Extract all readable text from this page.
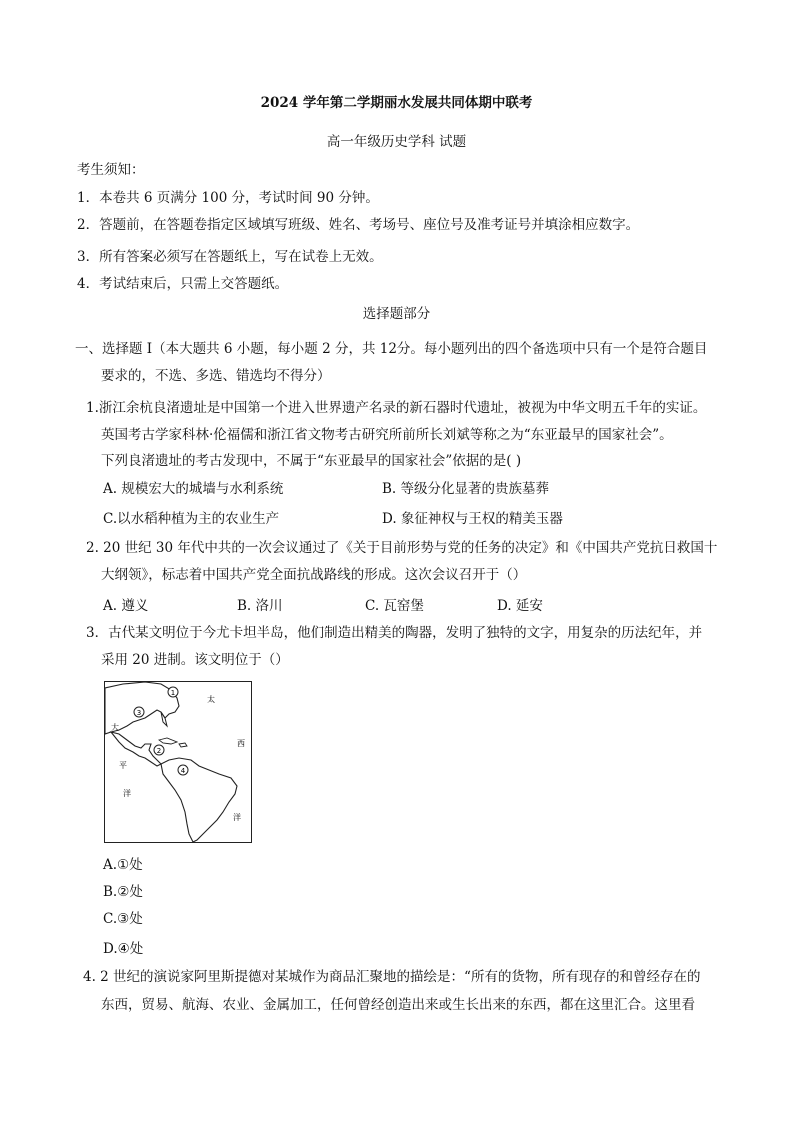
2024 学年第二学期丽水发展共同体期中联考
高一年级历史学科 试题
考生须知：
1．本卷共 6 页满分 100 分，考试时间 90 分钟。
2．答题前，在答题卷指定区域填写班级、姓名、考场号、座位号及准考证号并填涂相应数字。
3．所有答案必须写在答题纸上，写在试卷上无效。
4．考试结束后，只需上交答题纸。
选择题部分
一、选择题 I（本大题共 6 小题，每小题 2 分，共 12分。每小题列出的四个备选项中只有一个是符合题目
要求的，不选、多选、错选均不得分）
1.浙江余杭良渚遗址是中国第一个进入世界遗产名录的新石器时代遗址，被视为中华文明五千年的实证。
英国考古学家科林·伦福儒和浙江省文物考古研究所前所长刘斌等称之为“东亚最早的国家社会”。
下列良渚遗址的考古发现中，不属于“东亚最早的国家社会”依据的是( )
A. 规模宏大的城墙与水利系统	B. 等级分化显著的贵族墓葬
C.以水稻种植为主的农业生产	D. 象征神权与王权的精美玉器
2. 20 世纪 30 年代中共的一次会议通过了《关于目前形势与党的任务的决定》和《中国共产党抗日救国十
大纲领》，标志着中国共产党全面抗战路线的形成。这次会议召开于（）
A. 遵义	B. 洛川	C. 瓦窑堡	D. 延安
3．古代某文明位于今尤卡坦半岛，他们制造出精美的陶器，发明了独特的文字，用复杂的历法纪年，并
采用 20 进制。该文明位于（）
1
2
3
4
大
平
洋
太
西
洋
A.①处
B.②处
C.③处
D.④处
4. 2 世纪的演说家阿里斯提德对某城作为商品汇聚地的描绘是：“所有的货物，所有现存的和曾经存在的
东西，贸易、航海、农业、金属加工，任何曾经创造出来或生长出来的东西，都在这里汇合。这里看
